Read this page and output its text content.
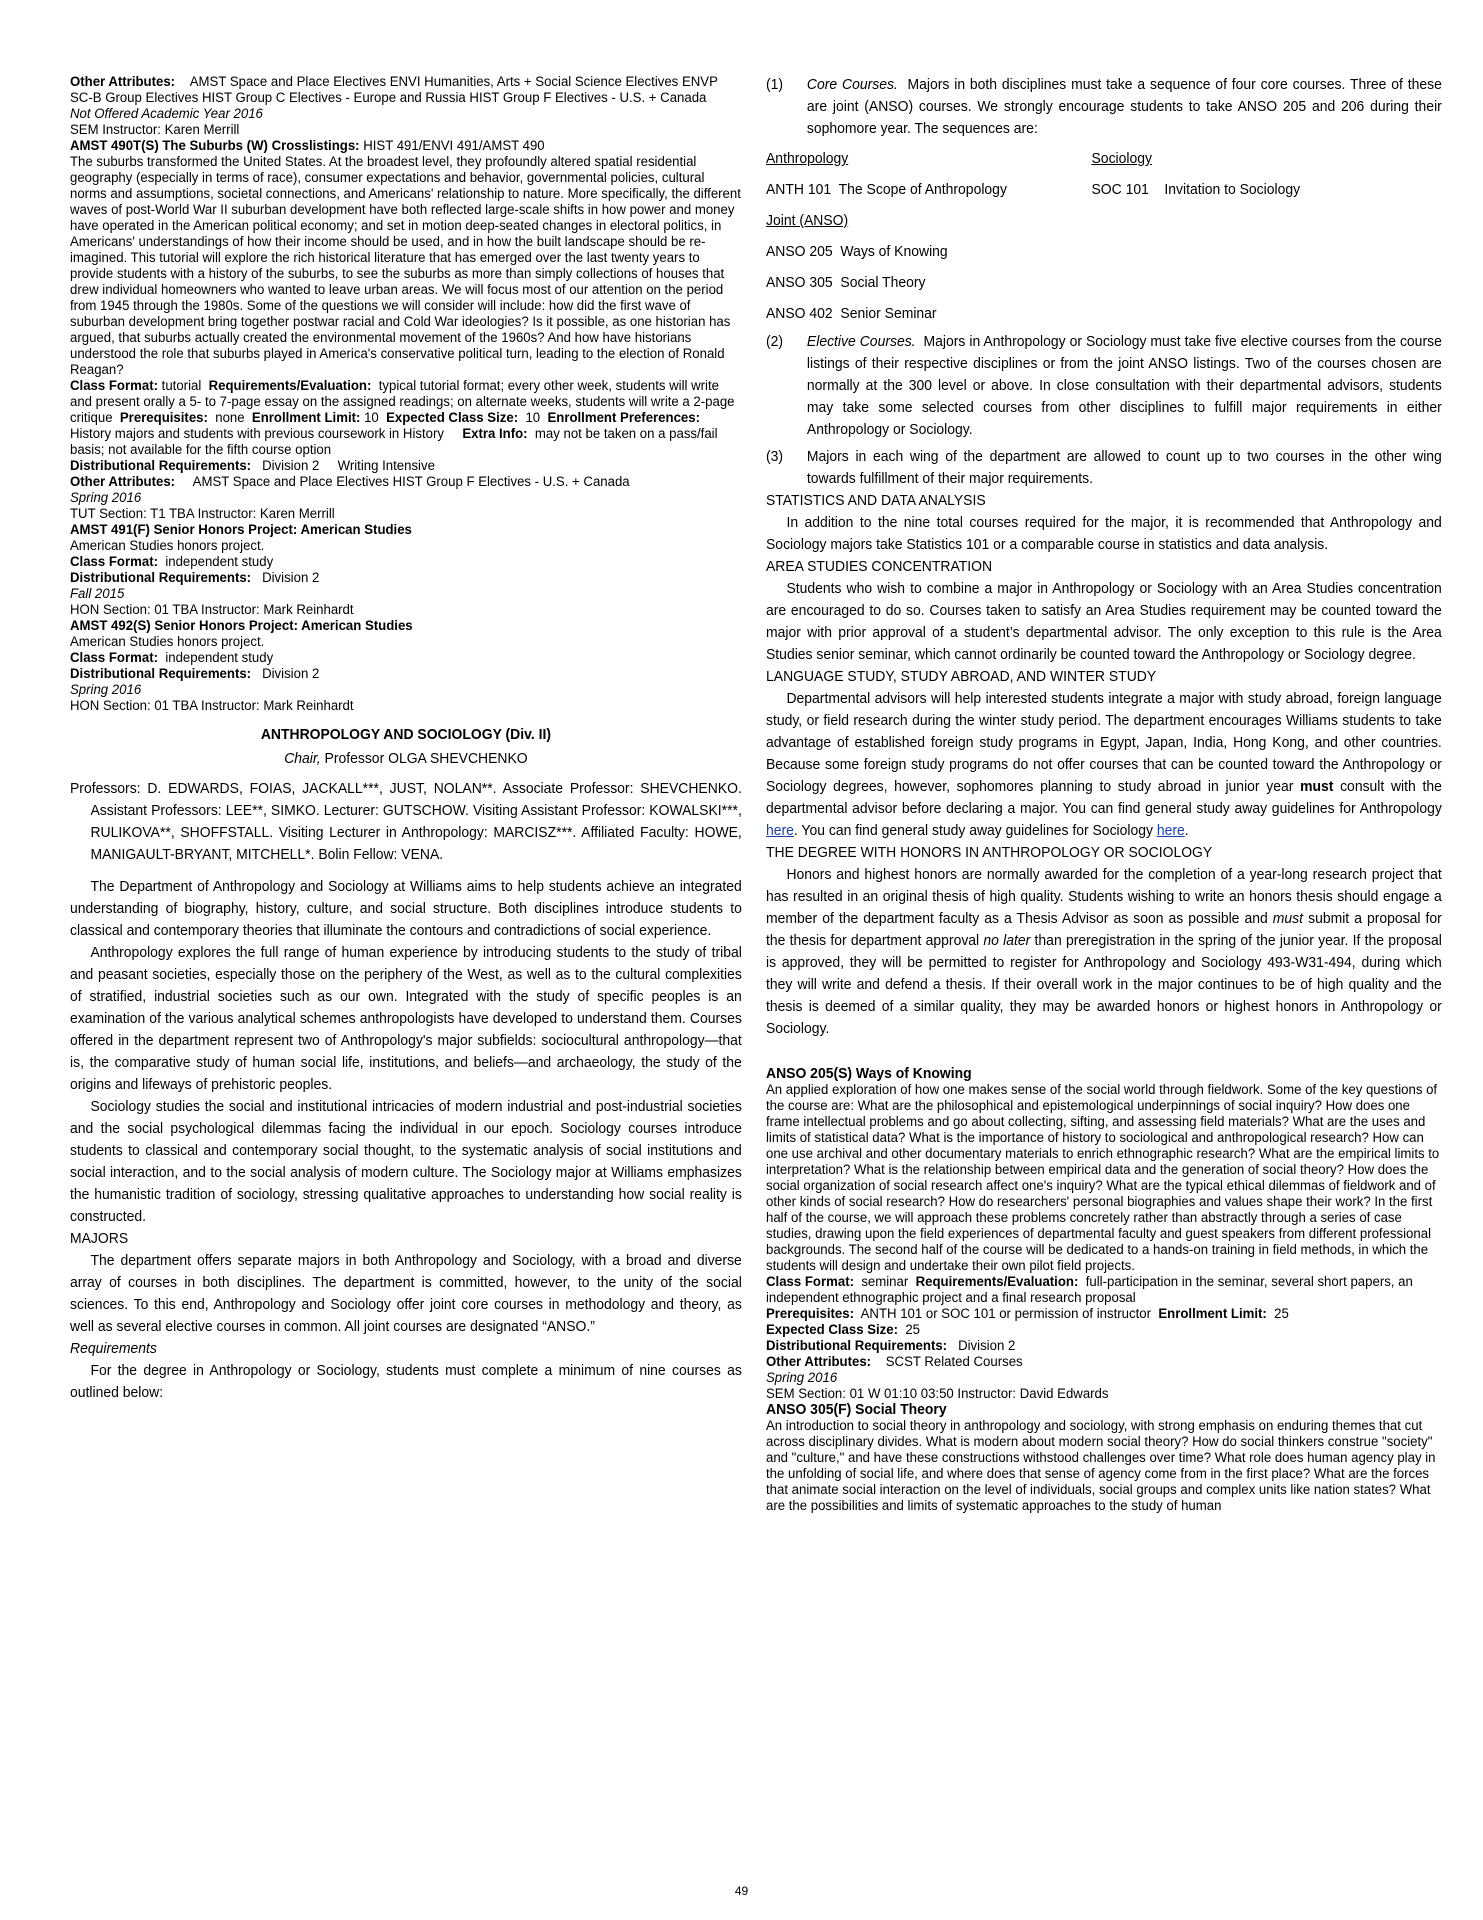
Other Attributes: AMST Space and Place Electives ENVI Humanities, Arts + Social Science Electives ENVP SC-B Group Electives HIST Group C Electives - Europe and Russia HIST Group F Electives - U.S. + Canada

Not Offered Academic Year 2016

SEM Instructor: Karen Merrill

AMST 490T(S) The Suburbs (W) Crosslistings: HIST 491/ENVI 491/AMST 490

The suburbs transformed the United States. At the broadest level, they profoundly altered spatial residential geography (especially in terms of race), consumer expectations and behavior, governmental policies, cultural norms and assumptions, societal connections, and Americans' relationship to nature. More specifically, the different waves of post-World War II suburban development have both reflected large-scale shifts in how power and money have operated in the American political economy; and set in motion deep-seated changes in electoral politics, in Americans' understandings of how their income should be used, and in how the built landscape should be re-imagined. This tutorial will explore the rich historical literature that has emerged over the last twenty years to provide students with a history of the suburbs, to see the suburbs as more than simply collections of houses that drew individual homeowners who wanted to leave urban areas. We will focus most of our attention on the period from 1945 through the 1980s. Some of the questions we will consider will include: how did the first wave of suburban development bring together postwar racial and Cold War ideologies? Is it possible, as one historian has argued, that suburbs actually created the environmental movement of the 1960s? And how have historians understood the role that suburbs played in America's conservative political turn, leading to the election of Ronald Reagan?

Class Format: tutorial Requirements/Evaluation: typical tutorial format; every other week, students will write and present orally a 5- to 7-page essay on the assigned readings; on alternate weeks, students will write a 2-page critique Prerequisites: none Enrollment Limit: 10 Expected Class Size: 10 Enrollment Preferences:  History majors and students with previous coursework in History Extra Info: may not be taken on a pass/fail basis; not available for the fifth course option

Distributional Requirements: Division 2     Writing Intensive

Other Attributes: AMST Space and Place Electives HIST Group F Electives - U.S. + Canada

Spring 2016

TUT Section: T1 TBA Instructor: Karen Merrill

AMST 491(F) Senior Honors Project: American Studies

American Studies honors project.

Class Format: independent study

Distributional Requirements: Division 2

Fall 2015

HON Section: 01 TBA Instructor: Mark Reinhardt

AMST 492(S) Senior Honors Project: American Studies

American Studies honors project.

Class Format: independent study

Distributional Requirements: Division 2

Spring 2016

HON Section: 01 TBA Instructor: Mark Reinhardt

ANTHROPOLOGY AND SOCIOLOGY (Div. II)

Chair, Professor OLGA SHEVCHENKO

Professors: D. EDWARDS, FOIAS, JACKALL***, JUST, NOLAN**. Associate Professor: SHEVCHENKO. Assistant Professors: LEE**, SIMKO. Lecturer: GUTSCHOW. Visiting Assistant Professor: KOWALSKI***, RULIKOVA**, SHOFFSTALL. Visiting Lecturer in Anthropology: MARCISZ***. Affiliated Faculty: HOWE, MANIGAULT-BRYANT, MITCHELL*. Bolin Fellow: VENA.

The Department of Anthropology and Sociology at Williams aims to help students achieve an integrated understanding of biography, history, culture, and social structure. Both disciplines introduce students to classical and contemporary theories that illuminate the contours and contradictions of social experience.

Anthropology explores the full range of human experience by introducing students to the study of tribal and peasant societies, especially those on the periphery of the West, as well as to the cultural complexities of stratified, industrial societies such as our own. Integrated with the study of specific peoples is an examination of the various analytical schemes anthropologists have developed to understand them. Courses offered in the department represent two of Anthropology's major subfields: sociocultural anthropology—that is, the comparative study of human social life, institutions, and beliefs—and archaeology, the study of the origins and lifeways of prehistoric peoples.

Sociology studies the social and institutional intricacies of modern industrial and post-industrial societies and the social psychological dilemmas facing the individual in our epoch. Sociology courses introduce students to classical and contemporary social thought, to the systematic analysis of social institutions and social interaction, and to the social analysis of modern culture. The Sociology major at Williams emphasizes the humanistic tradition of sociology, stressing qualitative approaches to understanding how social reality is constructed.

MAJORS

The department offers separate majors in both Anthropology and Sociology, with a broad and diverse array of courses in both disciplines. The department is committed, however, to the unity of the social sciences. To this end, Anthropology and Sociology offer joint core courses in methodology and theory, as well as several elective courses in common. All joint courses are designated “ANSO.”

Requirements

For the degree in Anthropology or Sociology, students must complete a minimum of nine courses as outlined below:

(1)	Core Courses. Majors in both disciplines must take a sequence of four core courses. Three of these are joint (ANSO) courses. We strongly encourage students to take ANSO 205 and 206 during their sophomore year. The sequences are:
Anthropology	Sociology
ANTH 101  The Scope of Anthropology	SOC 101    Invitation to Sociology
Joint (ANSO)
ANSO 205  Ways of Knowing
ANSO 305  Social Theory
ANSO 402  Senior Seminar
(2)	Elective Courses. Majors in Anthropology or Sociology must take five elective courses from the course listings of their respective disciplines or from the joint ANSO listings. Two of the courses chosen are normally at the 300 level or above. In close consultation with their departmental advisors, students may take some selected courses from other disciplines to fulfill major requirements in either Anthropology or Sociology.
(3)	Majors in each wing of the department are allowed to count up to two courses in the other wing towards fulfillment of their major requirements.

STATISTICS AND DATA ANALYSIS

In addition to the nine total courses required for the major, it is recommended that Anthropology and Sociology majors take Statistics 101 or a comparable course in statistics and data analysis.

AREA STUDIES CONCENTRATION

Students who wish to combine a major in Anthropology or Sociology with an Area Studies concentration are encouraged to do so. Courses taken to satisfy an Area Studies requirement may be counted toward the major with prior approval of a student’s departmental advisor. The only exception to this rule is the Area Studies senior seminar, which cannot ordinarily be counted toward the Anthropology or Sociology degree.

LANGUAGE STUDY, STUDY ABROAD, AND WINTER STUDY

Departmental advisors will help interested students integrate a major with study abroad, foreign language study, or field research during the winter study period. The department encourages Williams students to take advantage of established foreign study programs in Egypt, Japan, India, Hong Kong, and other countries. Because some foreign study programs do not offer courses that can be counted toward the Anthropology or Sociology degrees, however, sophomores planning to study abroad in junior year must consult with the departmental advisor before declaring a major. You can find general study away guidelines for Anthropology here. You can find general study away guidelines for Sociology here.

THE DEGREE WITH HONORS IN ANTHROPOLOGY OR SOCIOLOGY

Honors and highest honors are normally awarded for the completion of a year-long research project that has resulted in an original thesis of high quality. Students wishing to write an honors thesis should engage a member of the department faculty as a Thesis Advisor as soon as possible and must submit a proposal for the thesis for department approval no later than preregistration in the spring of the junior year. If the proposal is approved, they will be permitted to register for Anthropology and Sociology 493-W31-494, during which they will write and defend a thesis. If their overall work in the major continues to be of high quality and the thesis is deemed of a similar quality, they may be awarded honors or highest honors in Anthropology or Sociology.

ANSO 205(S) Ways of Knowing

An applied exploration of how one makes sense of the social world through fieldwork. Some of the key questions of the course are: What are the philosophical and epistemological underpinnings of social inquiry? How does one frame intellectual problems and go about collecting, sifting, and assessing field materials? What are the uses and limits of statistical data? What is the importance of history to sociological and anthropological research? How can one use archival and other documentary materials to enrich ethnographic research? What are the empirical limits to interpretation? What is the relationship between empirical data and the generation of social theory? How does the social organization of social research affect one's inquiry? What are the typical ethical dilemmas of fieldwork and of other kinds of social research? How do researchers' personal biographies and values shape their work? In the first half of the course, we will approach these problems concretely rather than abstractly through a series of case studies, drawing upon the field experiences of departmental faculty and guest speakers from different professional backgrounds. The second half of the course will be dedicated to a hands-on training in field methods, in which the students will design and undertake their own pilot field projects.

Class Format: seminar Requirements/Evaluation: full-participation in the seminar, several short papers, an independent ethnographic project and a final research proposal

Prerequisites: ANTH 101 or SOC 101 or permission of instructor Enrollment Limit: 25

Expected Class Size: 25

Distributional Requirements: Division 2

Other Attributes: SCST Related Courses

Spring 2016

SEM Section: 01 W 01:10 03:50 Instructor: David Edwards

ANSO 305(F) Social Theory

An introduction to social theory in anthropology and sociology, with strong emphasis on enduring themes that cut across disciplinary divides. What is modern about modern social theory? How do social thinkers construe "society" and "culture," and have these constructions withstood challenges over time? What role does human agency play in the unfolding of social life, and where does that sense of agency come from in the first place? What are the forces that animate social interaction on the level of individuals, social groups and complex units like nation states? What are the possibilities and limits of systematic approaches to the study of human

49
